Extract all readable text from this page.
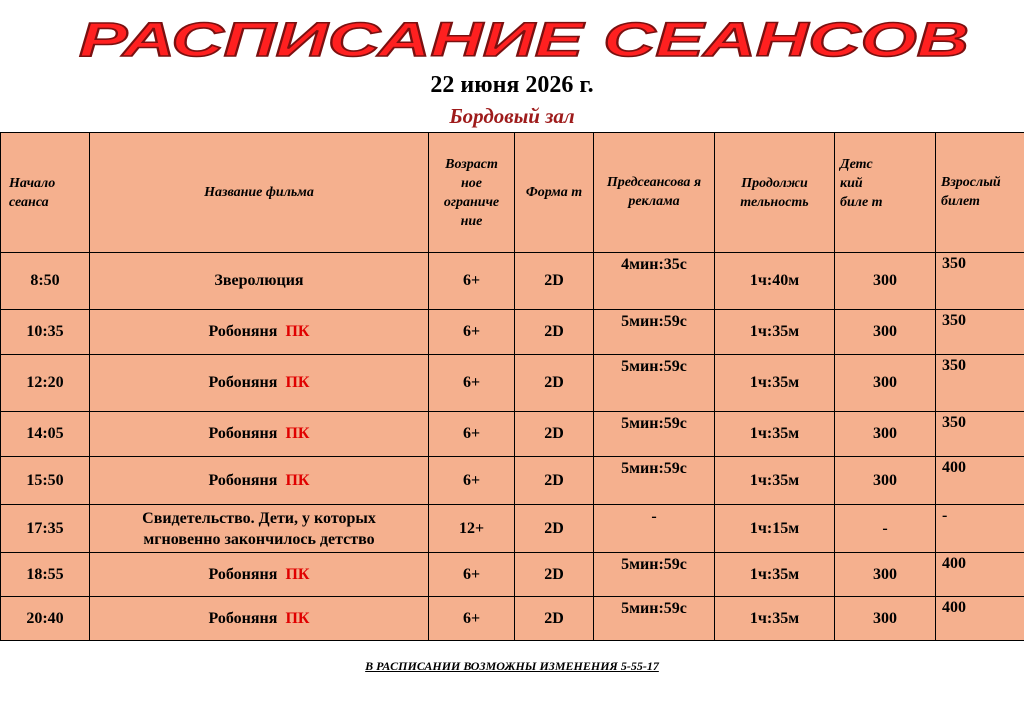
РАСПИСАНИЕ СЕАНСОВ
22 июня 2026 г.
Бордовый зал
Начало сеанса	Название фильма	Возраст ное ограниче ние	Форма т	Предсеансова я реклама	Продолжи тельность	Детс кий биле т	Взрослый билет
8:50	Зверолюция	6+	2D	4мин:35с	1ч:40м	300	350
10:35	Робоняня ПК	6+	2D	5мин:59с	1ч:35м	300	350
12:20	Робоняня ПК	6+	2D	5мин:59с	1ч:35м	300	350
14:05	Робоняня ПК	6+	2D	5мин:59с	1ч:35м	300	350
15:50	Робоняня ПК	6+	2D	5мин:59с	1ч:35м	300	400
17:35	Свидетельство. Дети, у которых мгновенно закончилось детство	12+	2D	-	1ч:15м	-	-
18:55	Робоняня ПК	6+	2D	5мин:59с	1ч:35м	300	400
20:40	Робоняня ПК	6+	2D	5мин:59с	1ч:35м	300	400
В РАСПИСАНИИ ВОЗМОЖНЫ ИЗМЕНЕНИЯ 5-55-17
